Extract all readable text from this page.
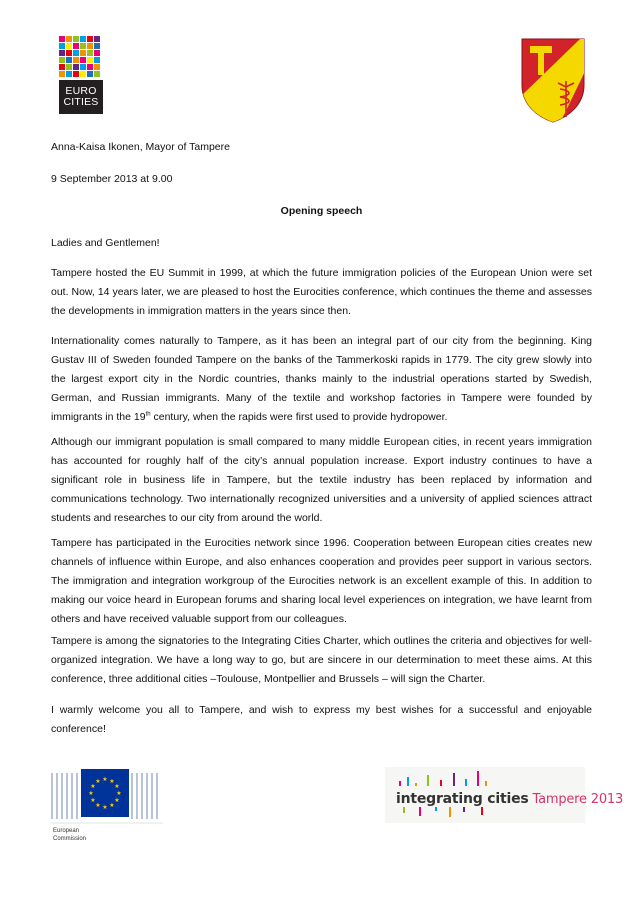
EURO
CITIES
Anna-Kaisa Ikonen, Mayor of Tampere
9 September 2013 at 9.00
Opening speech
Ladies and Gentlemen!
Tampere hosted the EU Summit in 1999, at which the future immigration policies of the European Union were set out. Now, 14 years later, we are pleased to host the Eurocities conference, which continues the theme and assesses the developments in immigration matters in the years since then.
Internationality comes naturally to Tampere, as it has been an integral part of our city from the beginning. King Gustav III of Sweden founded Tampere on the banks of the Tammerkoski rapids in 1779. The city grew slowly into the largest export city in the Nordic countries, thanks mainly to the industrial operations started by Swedish, German, and Russian immigrants. Many of the textile and workshop factories in Tampere were founded by immigrants in the 19th century, when the rapids were first used to provide hydropower.
Although our immigrant population is small compared to many middle European cities, in recent years immigration has accounted for roughly half of the city’s annual population increase. Export industry continues to have a significant role in business life in Tampere, but the textile industry has been replaced by information and communications technology. Two internationally recognized universities and a university of applied sciences attract students and researches to our city from around the world.
Tampere has participated in the Eurocities network since 1996. Cooperation between European cities creates new channels of influence within Europe, and also enhances cooperation and provides peer support in various sectors. The immigration and integration workgroup of the Eurocities network is an excellent example of this. In addition to making our voice heard in European forums and sharing local level experiences on integration, we have learnt from others and have received valuable support from our colleagues.
Tampere is among the signatories to the Integrating Cities Charter, which outlines the criteria and objectives for well-organized integration. We have a long way to go, but are sincere in our determination to meet these aims. At this conference, three additional cities –Toulouse, Montpellier and Brussels – will sign the Charter.
I warmly welcome you all to Tampere, and wish to express my best wishes for a successful and enjoyable conference!
★ ★
★
★
★
★
★
★
★
★
★
★
European
Commission
integrating cities Tampere 2013
